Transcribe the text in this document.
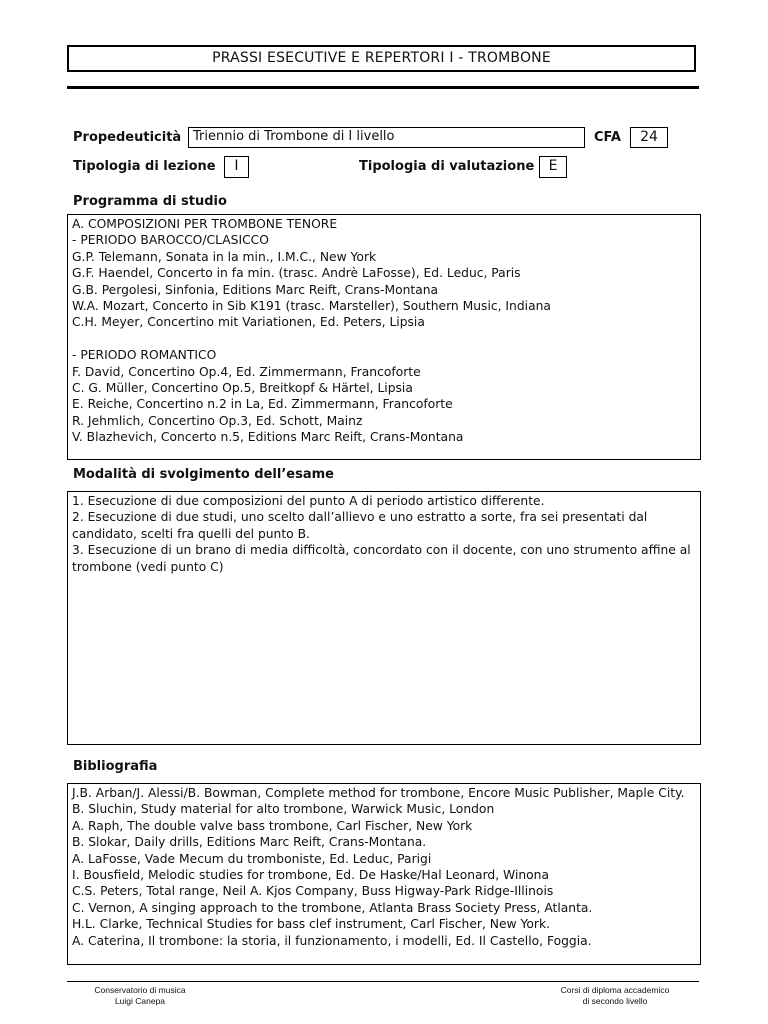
PRASSI ESECUTIVE E REPERTORI I - TROMBONE
Propedeuticità Triennio di Trombone di I livello	CFA	24
Tipologia di lezione	I	Tipologia di valutazione	E
Programma di studio
A. COMPOSIZIONI PER TROMBONE TENORE
- PERIODO BAROCCO/CLASICCO
G.P. Telemann, Sonata in la min., I.M.C., New York
G.F. Haendel, Concerto in fa min. (trasc. Andrè LaFosse), Ed. Leduc, Paris
G.B. Pergolesi, Sinfonia, Editions Marc Reift, Crans-Montana
W.A. Mozart, Concerto in Sib K191 (trasc. Marsteller), Southern Music, Indiana
C.H. Meyer, Concertino mit Variationen, Ed. Peters, Lipsia
- PERIODO ROMANTICO
F. David, Concertino Op.4, Ed. Zimmermann, Francoforte
C. G. Müller, Concertino Op.5, Breitkopf & Härtel, Lipsia
E. Reiche, Concertino n.2 in La, Ed. Zimmermann, Francoforte
R. Jehmlich, Concertino Op.3, Ed. Schott, Mainz
V. Blazhevich, Concerto n.5, Editions Marc Reift, Crans-Montana
Modalità di svolgimento dell’esame
1. Esecuzione di due composizioni del punto A di periodo artistico differente.
2. Esecuzione di due studi, uno scelto dall’allievo e uno estratto a sorte, fra sei presentati dal candidato, scelti fra quelli del punto B.
3. Esecuzione di un brano di media difficoltà, concordato con il docente, con uno strumento affine al trombone (vedi punto C)
Bibliografia
J.B. Arban/J. Alessi/B. Bowman, Complete method for trombone, Encore Music Publisher, Maple City.
B. Sluchin, Study material for alto trombone, Warwick Music, London
A. Raph, The double valve bass trombone, Carl Fischer, New York
B. Slokar, Daily drills, Editions Marc Reift, Crans-Montana.
A. LaFosse, Vade Mecum du tromboniste, Ed. Leduc, Parigi
I. Bousfield, Melodic studies for trombone, Ed. De Haske/Hal Leonard, Winona
C.S. Peters, Total range, Neil A. Kjos Company, Buss Higway-Park Ridge-Illinois
C. Vernon, A singing approach to the trombone, Atlanta Brass Society Press, Atlanta.
H.L. Clarke, Technical Studies for bass clef instrument, Carl Fischer, New York.
A. Caterina, Il trombone: la storia, il funzionamento, i modelli, Ed. Il Castello, Foggia.
Conservatorio di musica
Luigi Canepa
Corsi di diploma accademico
di secondo livello
